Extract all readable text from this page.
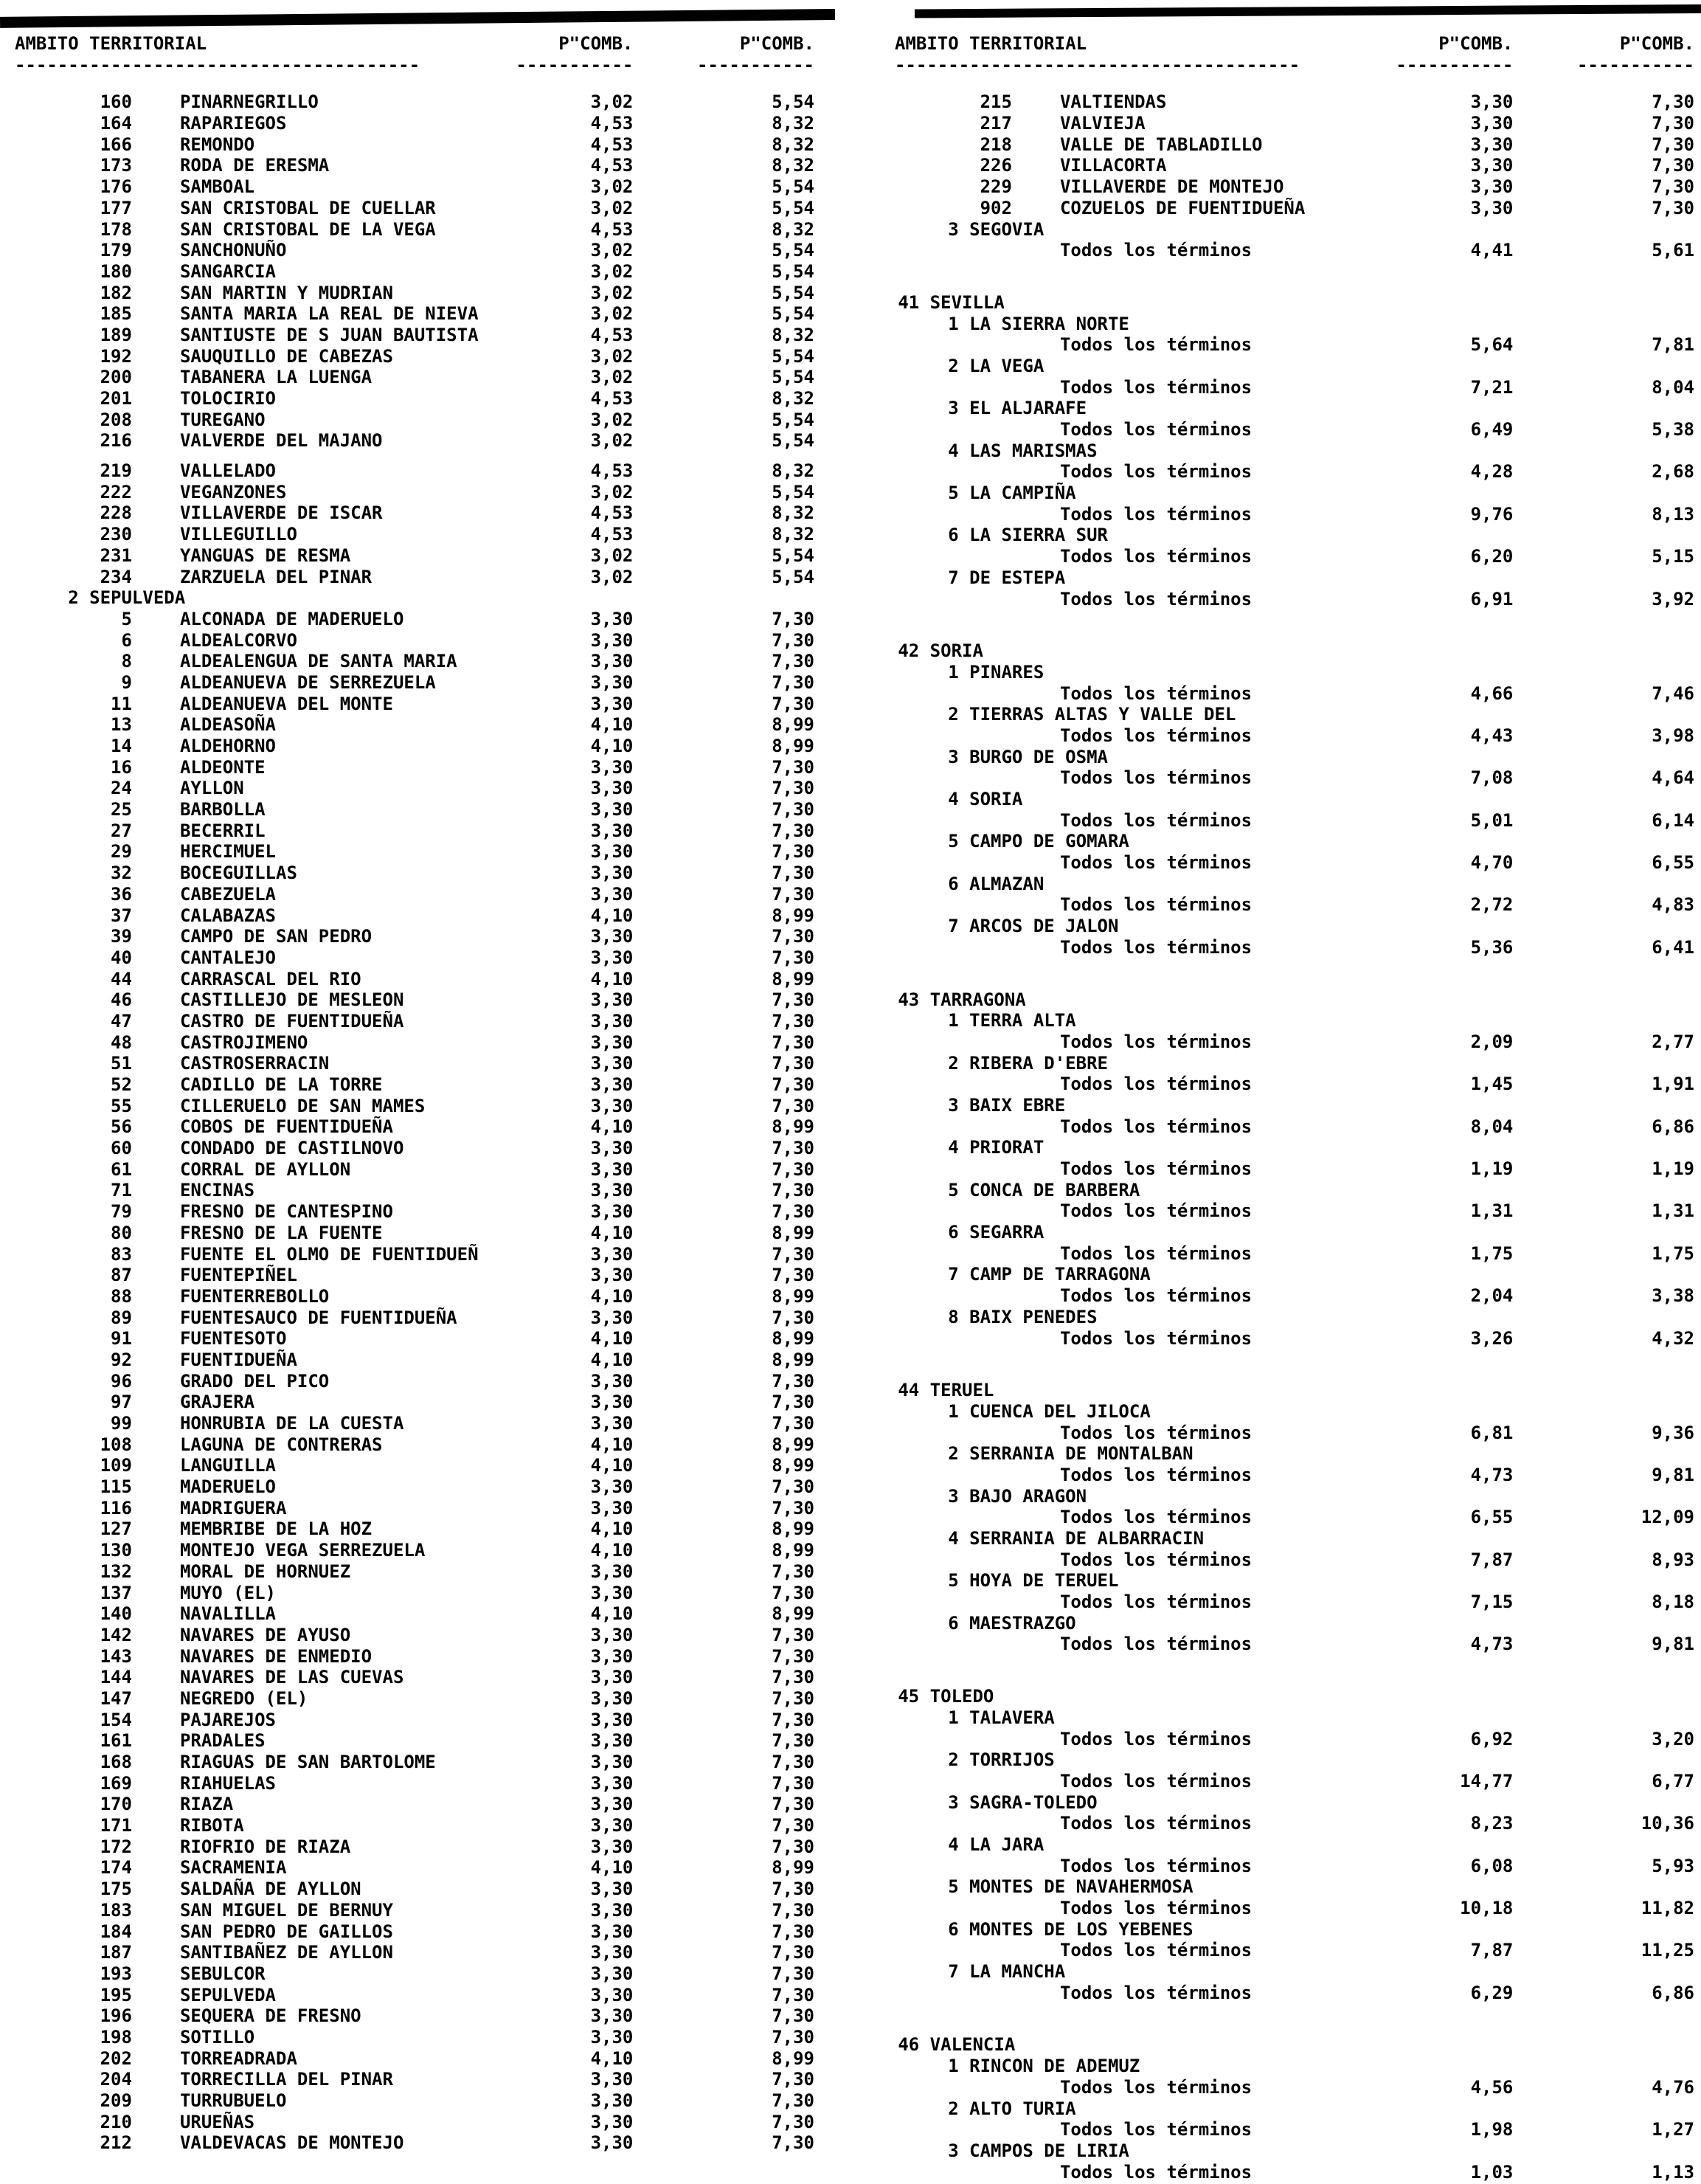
AMBITO TERRITORIAL	P"COMB.	P"COMB.
--------------------------------------	-----------	-----------
160	PINARNEGRILLO	3,02	5,54
164	RAPARIEGOS	4,53	8,32
166	REMONDO	4,53	8,32
173	RODA DE ERESMA	4,53	8,32
176	SAMBOAL	3,02	5,54
177	SAN CRISTOBAL DE CUELLAR	3,02	5,54
178	SAN CRISTOBAL DE LA VEGA	4,53	8,32
179	SANCHONUÑO	3,02	5,54
180	SANGARCIA	3,02	5,54
182	SAN MARTIN Y MUDRIAN	3,02	5,54
185	SANTA MARIA LA REAL DE NIEVA	3,02	5,54
189	SANTIUSTE DE S JUAN BAUTISTA	4,53	8,32
192	SAUQUILLO DE CABEZAS	3,02	5,54
200	TABANERA LA LUENGA	3,02	5,54
201	TOLOCIRIO	4,53	8,32
208	TUREGANO	3,02	5,54
216	VALVERDE DEL MAJANO	3,02	5,54
219	VALLELADO	4,53	8,32
222	VEGANZONES	3,02	5,54
228	VILLAVERDE DE ISCAR	4,53	8,32
230	VILLEGUILLO	4,53	8,32
231	YANGUAS DE RESMA	3,02	5,54
234	ZARZUELA DEL PINAR	3,02	5,54
2 SEPULVEDA
5	ALCONADA DE MADERUELO	3,30	7,30
6	ALDEALCORVO	3,30	7,30
8	ALDEALENGUA DE SANTA MARIA	3,30	7,30
9	ALDEANUEVA DE SERREZUELA	3,30	7,30
11	ALDEANUEVA DEL MONTE	3,30	7,30
13	ALDEASOÑA	4,10	8,99
14	ALDEHORNO	4,10	8,99
16	ALDEONTE	3,30	7,30
24	AYLLON	3,30	7,30
25	BARBOLLA	3,30	7,30
27	BECERRIL	3,30	7,30
29	HERCIMUEL	3,30	7,30
32	BOCEGUILLAS	3,30	7,30
36	CABEZUELA	3,30	7,30
37	CALABAZAS	4,10	8,99
39	CAMPO DE SAN PEDRO	3,30	7,30
40	CANTALEJO	3,30	7,30
44	CARRASCAL DEL RIO	4,10	8,99
46	CASTILLEJO DE MESLEON	3,30	7,30
47	CASTRO DE FUENTIDUEÑA	3,30	7,30
48	CASTROJIMENO	3,30	7,30
51	CASTROSERRACIN	3,30	7,30
52	CADILLO DE LA TORRE	3,30	7,30
55	CILLERUELO DE SAN MAMES	3,30	7,30
56	COBOS DE FUENTIDUEÑA	4,10	8,99
60	CONDADO DE CASTILNOVO	3,30	7,30
61	CORRAL DE AYLLON	3,30	7,30
71	ENCINAS	3,30	7,30
79	FRESNO DE CANTESPINO	3,30	7,30
80	FRESNO DE LA FUENTE	4,10	8,99
83	FUENTE EL OLMO DE FUENTIDUEÑ	3,30	7,30
87	FUENTEPIÑEL	3,30	7,30
88	FUENTERREBOLLO	4,10	8,99
89	FUENTESAUCO DE FUENTIDUEÑA	3,30	7,30
91	FUENTESOTO	4,10	8,99
92	FUENTIDUEÑA	4,10	8,99
96	GRADO DEL PICO	3,30	7,30
97	GRAJERA	3,30	7,30
99	HONRUBIA DE LA CUESTA	3,30	7,30
108	LAGUNA DE CONTRERAS	4,10	8,99
109	LANGUILLA	4,10	8,99
115	MADERUELO	3,30	7,30
116	MADRIGUERA	3,30	7,30
127	MEMBRIBE DE LA HOZ	4,10	8,99
130	MONTEJO VEGA SERREZUELA	4,10	8,99
132	MORAL DE HORNUEZ	3,30	7,30
137	MUYO (EL)	3,30	7,30
140	NAVALILLA	4,10	8,99
142	NAVARES DE AYUSO	3,30	7,30
143	NAVARES DE ENMEDIO	3,30	7,30
144	NAVARES DE LAS CUEVAS	3,30	7,30
147	NEGREDO (EL)	3,30	7,30
154	PAJAREJOS	3,30	7,30
161	PRADALES	3,30	7,30
168	RIAGUAS DE SAN BARTOLOME	3,30	7,30
169	RIAHUELAS	3,30	7,30
170	RIAZA	3,30	7,30
171	RIBOTA	3,30	7,30
172	RIOFRIO DE RIAZA	3,30	7,30
174	SACRAMENIA	4,10	8,99
175	SALDAÑA DE AYLLON	3,30	7,30
183	SAN MIGUEL DE BERNUY	3,30	7,30
184	SAN PEDRO DE GAILLOS	3,30	7,30
187	SANTIBAÑEZ DE AYLLON	3,30	7,30
193	SEBULCOR	3,30	7,30
195	SEPULVEDA	3,30	7,30
196	SEQUERA DE FRESNO	3,30	7,30
198	SOTILLO	3,30	7,30
202	TORREADRADA	4,10	8,99
204	TORRECILLA DEL PINAR	3,30	7,30
209	TURRUBUELO	3,30	7,30
210	URUEÑAS	3,30	7,30
212	VALDEVACAS DE MONTEJO	3,30	7,30
AMBITO TERRITORIAL	P"COMB.	P"COMB.
--------------------------------------	-----------	-----------
215	VALTIENDAS	3,30	7,30
217	VALVIEJA	3,30	7,30
218	VALLE DE TABLADILLO	3,30	7,30
226	VILLACORTA	3,30	7,30
229	VILLAVERDE DE MONTEJO	3,30	7,30
902	COZUELOS DE FUENTIDUEÑA	3,30	7,30
3 SEGOVIA
Todos los términos	4,41	5,61
41 SEVILLA
1 LA SIERRA NORTE
Todos los términos	5,64	7,81
2 LA VEGA
Todos los términos	7,21	8,04
3 EL ALJARAFE
Todos los términos	6,49	5,38
4 LAS MARISMAS
Todos los términos	4,28	2,68
5 LA CAMPIÑA
Todos los términos	9,76	8,13
6 LA SIERRA SUR
Todos los términos	6,20	5,15
7 DE ESTEPA
Todos los términos	6,91	3,92
42 SORIA
1 PINARES
Todos los términos	4,66	7,46
2 TIERRAS ALTAS Y VALLE DEL
Todos los términos	4,43	3,98
3 BURGO DE OSMA
Todos los términos	7,08	4,64
4 SORIA
Todos los términos	5,01	6,14
5 CAMPO DE GOMARA
Todos los términos	4,70	6,55
6 ALMAZAN
Todos los términos	2,72	4,83
7 ARCOS DE JALON
Todos los términos	5,36	6,41
43 TARRAGONA
1 TERRA ALTA
Todos los términos	2,09	2,77
2 RIBERA D'EBRE
Todos los términos	1,45	1,91
3 BAIX EBRE
Todos los términos	8,04	6,86
4 PRIORAT
Todos los términos	1,19	1,19
5 CONCA DE BARBERA
Todos los términos	1,31	1,31
6 SEGARRA
Todos los términos	1,75	1,75
7 CAMP DE TARRAGONA
Todos los términos	2,04	3,38
8 BAIX PENEDES
Todos los términos	3,26	4,32
44 TERUEL
1 CUENCA DEL JILOCA
Todos los términos	6,81	9,36
2 SERRANIA DE MONTALBAN
Todos los términos	4,73	9,81
3 BAJO ARAGON
Todos los términos	6,55	12,09
4 SERRANIA DE ALBARRACIN
Todos los términos	7,87	8,93
5 HOYA DE TERUEL
Todos los términos	7,15	8,18
6 MAESTRAZGO
Todos los términos	4,73	9,81
45 TOLEDO
1 TALAVERA
Todos los términos	6,92	3,20
2 TORRIJOS
Todos los términos	14,77	6,77
3 SAGRA-TOLEDO
Todos los términos	8,23	10,36
4 LA JARA
Todos los términos	6,08	5,93
5 MONTES DE NAVAHERMOSA
Todos los términos	10,18	11,82
6 MONTES DE LOS YEBENES
Todos los términos	7,87	11,25
7 LA MANCHA
Todos los términos	6,29	6,86
46 VALENCIA
1 RINCON DE ADEMUZ
Todos los términos	4,56	4,76
2 ALTO TURIA
Todos los términos	1,98	1,27
3 CAMPOS DE LIRIA
Todos los términos	1,03	1,13
